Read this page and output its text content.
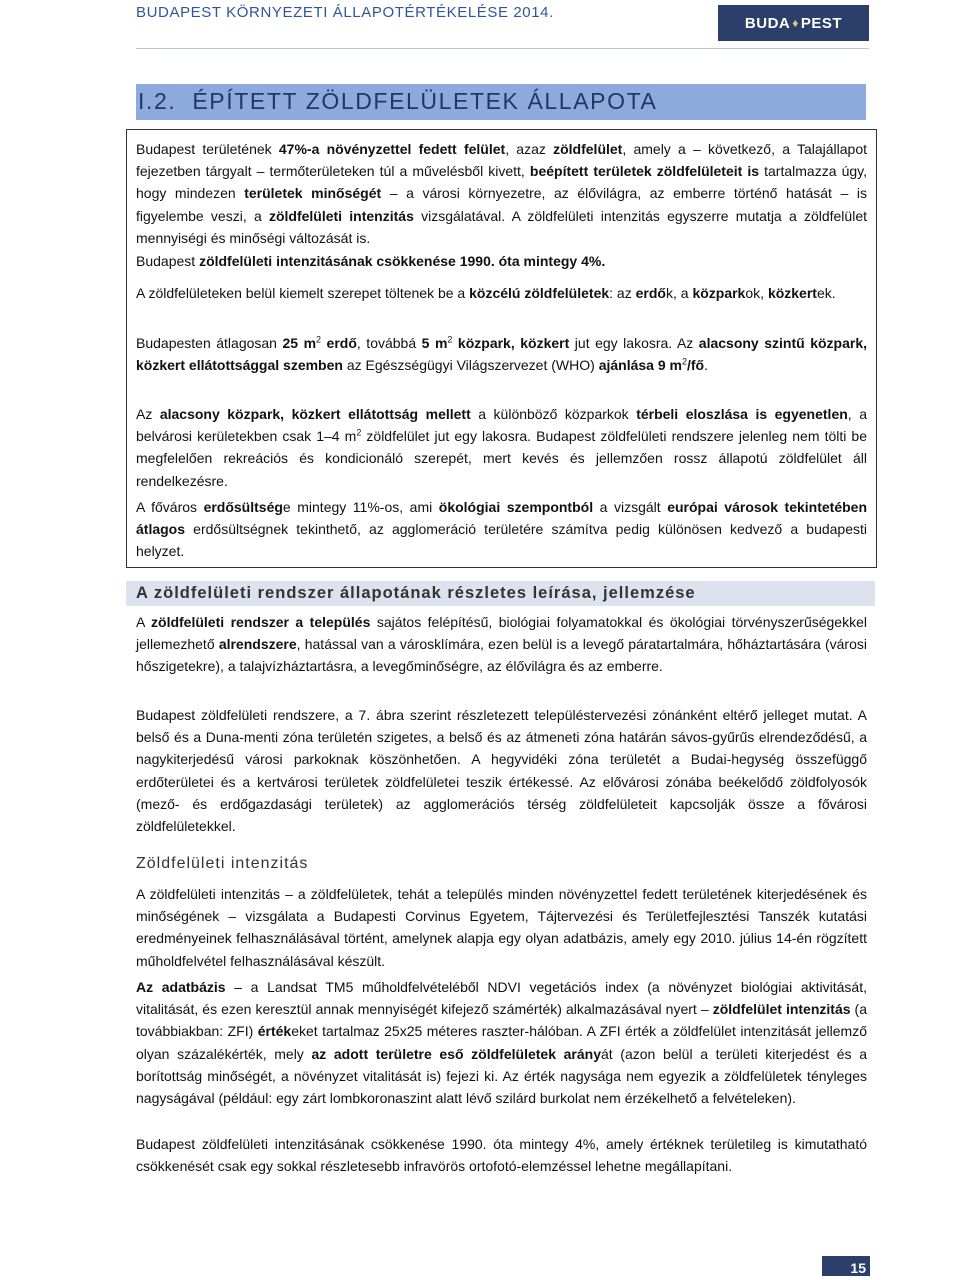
BUDAPEST KÖRNYEZETI ÁLLAPOTÉRTÉKELÉSE 2014.
BUDA ♦ PEST
I.2. ÉPÍTETT ZÖLDFELÜLETEK ÁLLAPOTA

Budapest területének 47%-a növényzettel fedett felület, azaz zöldfelület, amely a – következő, a Talajállapot fejezetben tárgyalt – termőterületeken túl a művelésből kivett, beépített területek zöldfelületeit is tartalmazza úgy, hogy mindezen területek minőségét – a városi környezetre, az élővilágra, az emberre történő hatását – is figyelembe veszi, a zöldfelületi intenzitás vizsgálatával. A zöldfelületi intenzitás egyszerre mutatja a zöldfelület mennyiségi és minőségi változását is.

Budapest zöldfelületi intenzitásának csökkenése 1990. óta mintegy 4%.

A zöldfelületeken belül kiemelt szerepet töltenek be a közcélú zöldfelületek: az erdők, a közparkok, közkertek.

Budapesten átlagosan 25 $m^2$ erdő, továbbá 5 $m^2$ közpark, közkert jut egy lakosra. Az alacsony szintű közpark, közkert ellátottsággal szemben az Egészségügyi Világszervezet (WHO) ajánlása 9 $m^2/fő$.

Az alacsony közpark, közkert ellátottság mellett a különböző közparkok térbeli eloszlása is egyenetlen, a belvárosi kerületekben csak 1–4 $m^2$ zöldfelület jut egy lakosra. Budapest zöldfelületi rendszere jelenleg nem tölti be megfelelően rekreációs és kondicionáló szerepét, mert kevés és jellemzően rossz állapotú zöldfelület áll rendelkezésre.

A főváros erdősültsége mintegy 11%-os, ami ökológiai szempontból a vizsgált európai városok tekintetében átlagos erdősültségnek tekinthető, az agglomeráció területére számítva pedig különösen kedvező a budapesti helyzet.

A zöldfelületi rendszer állapotának részletes leírása, jellemzése

A zöldfelületi rendszer a település sajátos felépítésű, biológiai folyamatokkal és ökológiai törvényszerűségekkel jellemezhető alrendszere, hatással van a városklímára, ezen belül is a levegő páratartalmára, hőháztartására (városi hősziget​ekre), a talajvízháztartásra, a levegőminőségre, az élővilágra és az emberre.

Budapest zöldfelületi rendszere, a 7. ábra szerint részletezett településtervezési zónánként eltérő jelleget mutat. A belső és a Duna-menti zóna területén szigetes, a belső és az átmeneti zóna határán sávos-gyűrűs elrendeződésű, a nagykiterjedésű városi parkoknak köszönhetően. A hegyvidéki zóna területét a Budai-hegység összefüggő erdőterületei és a kertvárosi területek zöldfelületei teszik értékessé. Az elővárosi zónába beékelődő zöldfolyosók (mező- és erdőgazdasági területek) az agglomerációs térség zöldfelületeit kapcsolják össze a fővárosi zöldfelületekkel.

Zöldfelületi intenzitás

A zöldfelületi intenzitás – a zöldfelületek, tehát a település minden növényzettel fedett területének kiterjedésének és minőségének – vizsgálata a Budapesti Corvinus Egyetem, Tájtervezési és Területfejlesztési Tanszék kutatási eredményeinek felhasználásával történt, amelynek alapja egy olyan adatbázis, amely egy 2010. július 14-én rögzített műholdfelvétel felhasználásával készült.

Az adatbázis – a Landsat TM5 műholdfelvételéből NDVI vegetációs index (a növényzet biológiai aktivitását, vitalitását, és ezen keresztül annak mennyiségét kifejező számérték) alkalmazásával nyert – zöldfelület intenzitás (a továbbiakban: ZFI) értékeket tartalmaz 25x25 méteres raszter-hálóban. A ZFI érték a zöldfelület intenzitását jellemző olyan százalékérték, mely az adott területre eső zöldfelületek arányát (azon belül a területi kiterjedést és a borítottság minőségét, a növényzet vitalitását is) fejezi ki. Az érték nagysága nem egyezik a zöldfelületek tényleges nagyságával (például: egy zárt lombkoronaszint alatt lévő szilárd burkolat nem érzékelhető a felvételeken).

Budapest zöldfelületi intenzitásának csökkenése 1990. óta mintegy 4%, amely értéknek területileg is kimutatható csökkenését csak egy sokkal részletesebb infravörös ortofotó-elemzéssel lehetne megállapítani.

15
